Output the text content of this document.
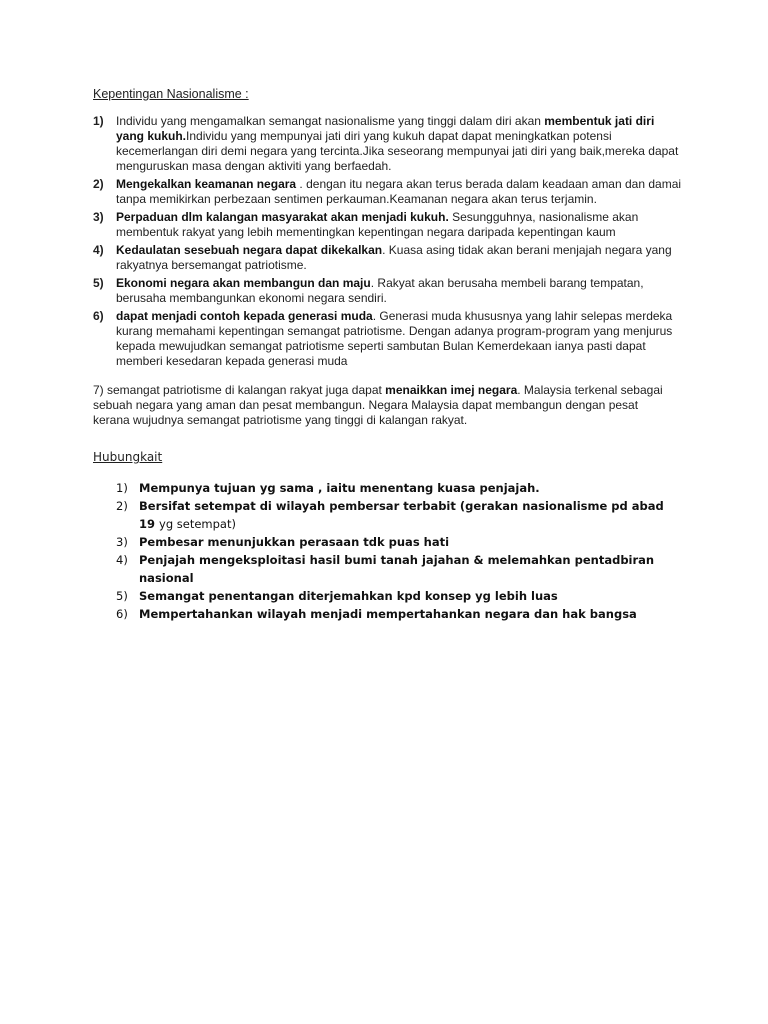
Kepentingan Nasionalisme :
1)	Individu yang mengamalkan semangat nasionalisme yang tinggi dalam diri akan membentuk jati diri yang kukuh.Individu yang mempunyai jati diri yang kukuh dapat dapat meningkatkan potensi kecemerlangan diri demi negara yang tercinta.Jika seseorang mempunyai jati diri yang baik,mereka dapat menguruskan masa dengan aktiviti yang berfaedah.
2)	Mengekalkan keamanan negara . dengan itu negara akan terus berada dalam keadaan aman dan damai tanpa memikirkan perbezaan sentimen perkauman.Keamanan negara akan terus terjamin.
3)	Perpaduan dlm kalangan masyarakat akan menjadi kukuh. Sesungguhnya, nasionalisme akan membentuk rakyat yang lebih mementingkan kepentingan negara daripada kepentingan kaum
4)	Kedaulatan sesebuah negara dapat dikekalkan. Kuasa asing tidak akan berani menjajah negara yang rakyatnya bersemangat patriotisme.
5)	Ekonomi negara akan membangun dan maju. Rakyat akan berusaha membeli barang tempatan, berusaha membangunkan ekonomi negara sendiri.
6)	dapat menjadi contoh kepada generasi muda. Generasi muda khususnya yang lahir selepas merdeka kurang memahami kepentingan semangat patriotisme. Dengan adanya program-program yang menjurus kepada mewujudkan semangat patriotisme seperti sambutan Bulan Kemerdekaan ianya pasti dapat memberi kesedaran kepada generasi muda
7) semangat patriotisme di kalangan rakyat juga dapat menaikkan imej negara. Malaysia terkenal sebagai sebuah negara yang aman dan pesat membangun. Negara Malaysia dapat membangun dengan pesat kerana wujudnya semangat patriotisme yang tinggi di kalangan rakyat.
Hubungkait
1) Mempunya tujuan yg sama , iaitu menentang kuasa penjajah.
2) Bersifat setempat di wilayah pembersar terbabit (gerakan nasionalisme pd abad 19 yg setempat)
3) Pembesar menunjukkan perasaan tdk puas hati
4) Penjajah mengeksploitasi hasil bumi tanah jajahan & melemahkan pentadbiran nasional
5) Semangat penentangan diterjemahkan kpd konsep yg lebih luas
6) Mempertahankan wilayah menjadi mempertahankan negara dan hak bangsa
